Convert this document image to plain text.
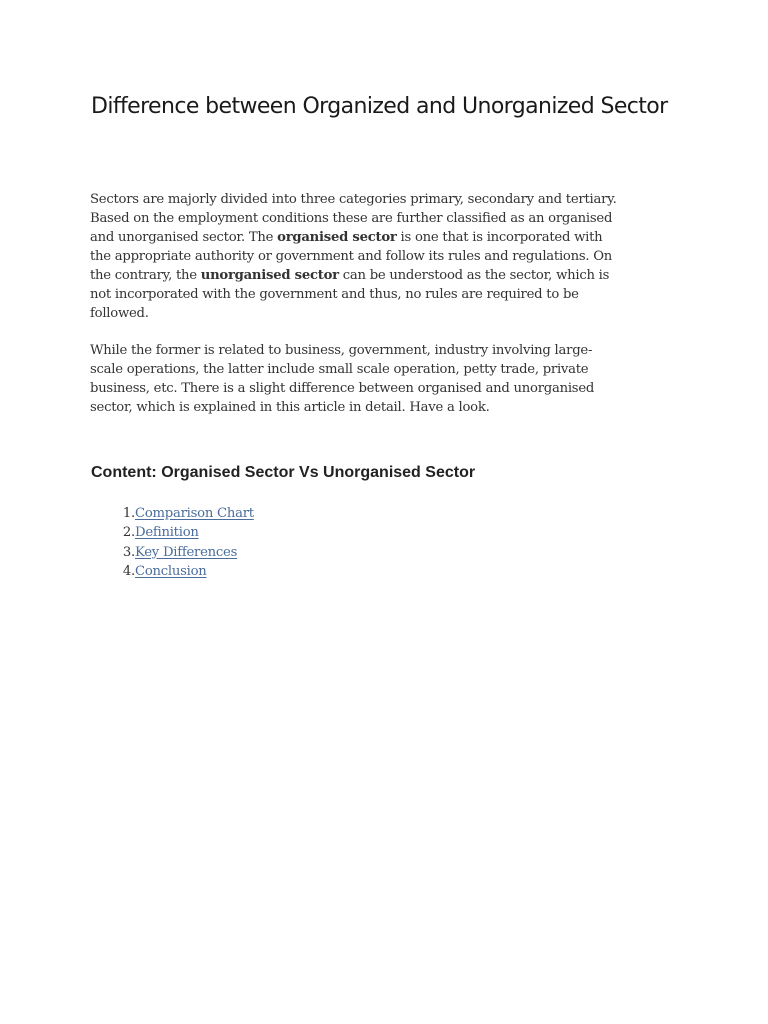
Difference between Organized and Unorganized Sector

Sectors are majorly divided into three categories primary, secondary and tertiary.
Based on the employment conditions these are further classified as an organised
and unorganised sector. The organised sector is one that is incorporated with
the appropriate authority or government and follow its rules and regulations. On
the contrary, the unorganised sector can be understood as the sector, which is
not incorporated with the government and thus, no rules are required to be
followed.

While the former is related to business, government, industry involving large-
scale operations, the latter include small scale operation, petty trade, private
business, etc. There is a slight difference between organised and unorganised
sector, which is explained in this article in detail. Have a look.

Content: Organised Sector Vs Unorganised Sector
1. Comparison Chart
2. Definition
3. Key Differences
4. Conclusion
